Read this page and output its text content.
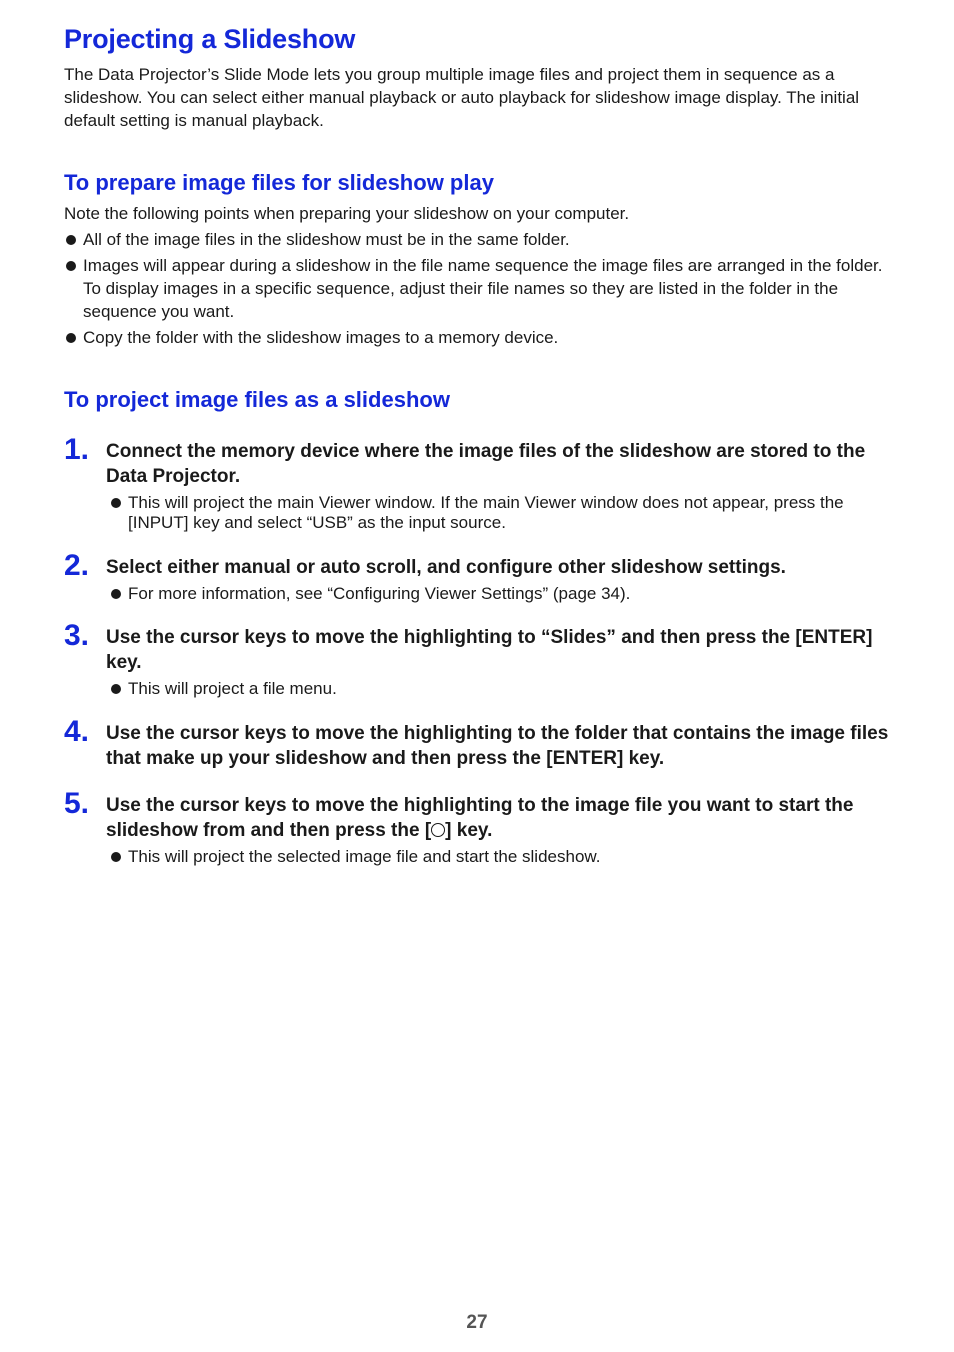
Projecting a Slideshow

The Data Projector’s Slide Mode lets you group multiple image files and project them in sequence as a slideshow. You can select either manual playback or auto playback for slideshow image display. The initial default setting is manual playback.

To prepare image files for slideshow play

Note the following points when preparing your slideshow on your computer.

All of the image files in the slideshow must be in the same folder.
Images will appear during a slideshow in the file name sequence the image files are arranged in the folder. To display images in a specific sequence, adjust their file names so they are listed in the folder in the sequence you want.
Copy the folder with the slideshow images to a memory device.
To project image files as a slideshow
1. Connect the memory device where the image files of the slideshow are stored to the Data Projector.

This will project the main Viewer window. If the main Viewer window does not appear, press the [INPUT] key and select “USB” as the input source.
2. Select either manual or auto scroll, and configure other slideshow settings.

For more information, see “Configuring Viewer Settings” (page 34).
3. Use the cursor keys to move the highlighting to “Slides” and then press the [ENTER] key.

This will project a file menu.
4. Use the cursor keys to move the highlighting to the folder that contains the image files that make up your slideshow and then press the [ENTER] key.

5. Use the cursor keys to move the highlighting to the image file you want to start the slideshow from and then press the [ ] key.

This will project the selected image file and start the slideshow.
27
